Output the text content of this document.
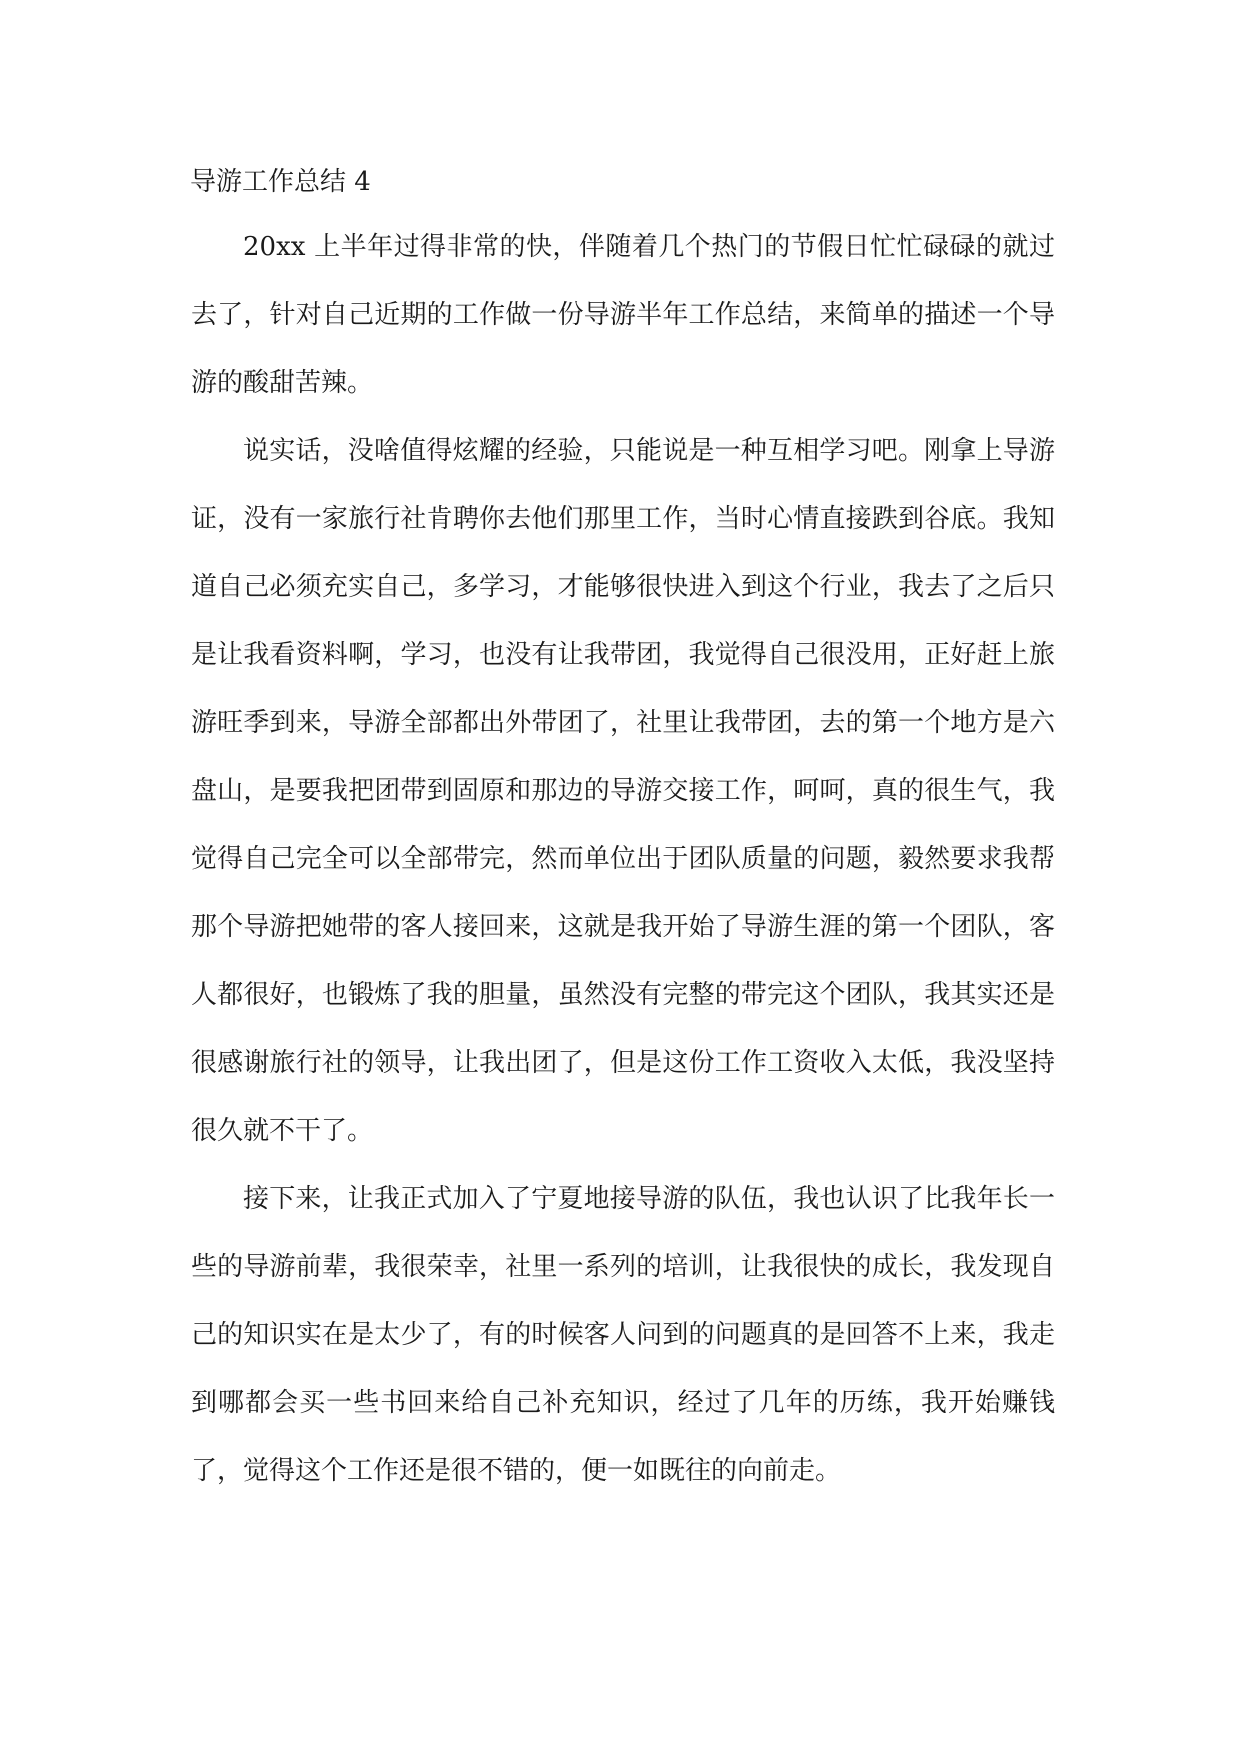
导游工作总结 4

20xx 上半年过得非常的快，伴随着几个热门的节假日忙忙碌碌的就过去了，针对自己近期的工作做一份导游半年工作总结，来简单的描述一个导游的酸甜苦辣。

说实话，没啥值得炫耀的经验，只能说是一种互相学习吧。刚拿上导游证，没有一家旅行社肯聘你去他们那里工作，当时心情直接跌到谷底。我知道自己必须充实自己，多学习，才能够很快进入到这个行业，我去了之后只是让我看资料啊，学习，也没有让我带团，我觉得自己很没用，正好赶上旅游旺季到来，导游全部都出外带团了，社里让我带团，去的第一个地方是六盘山，是要我把团带到固原和那边的导游交接工作，呵呵，真的很生气，我觉得自己完全可以全部带完，然而单位出于团队质量的问题，毅然要求我帮那个导游把她带的客人接回来，这就是我开始了导游生涯的第一个团队，客人都很好，也锻炼了我的胆量，虽然没有完整的带完这个团队，我其实还是很感谢旅行社的领导，让我出团了，但是这份工作工资收入太低，我没坚持很久就不干了。

接下来，让我正式加入了宁夏地接导游的队伍，我也认识了比我年长一些的导游前辈，我很荣幸，社里一系列的培训，让我很快的成长，我发现自己的知识实在是太少了，有的时候客人问到的问题真的是回答不上来，我走到哪都会买一些书回来给自己补充知识，经过了几年的历练，我开始赚钱了，觉得这个工作还是很不错的，便一如既往的向前走。
